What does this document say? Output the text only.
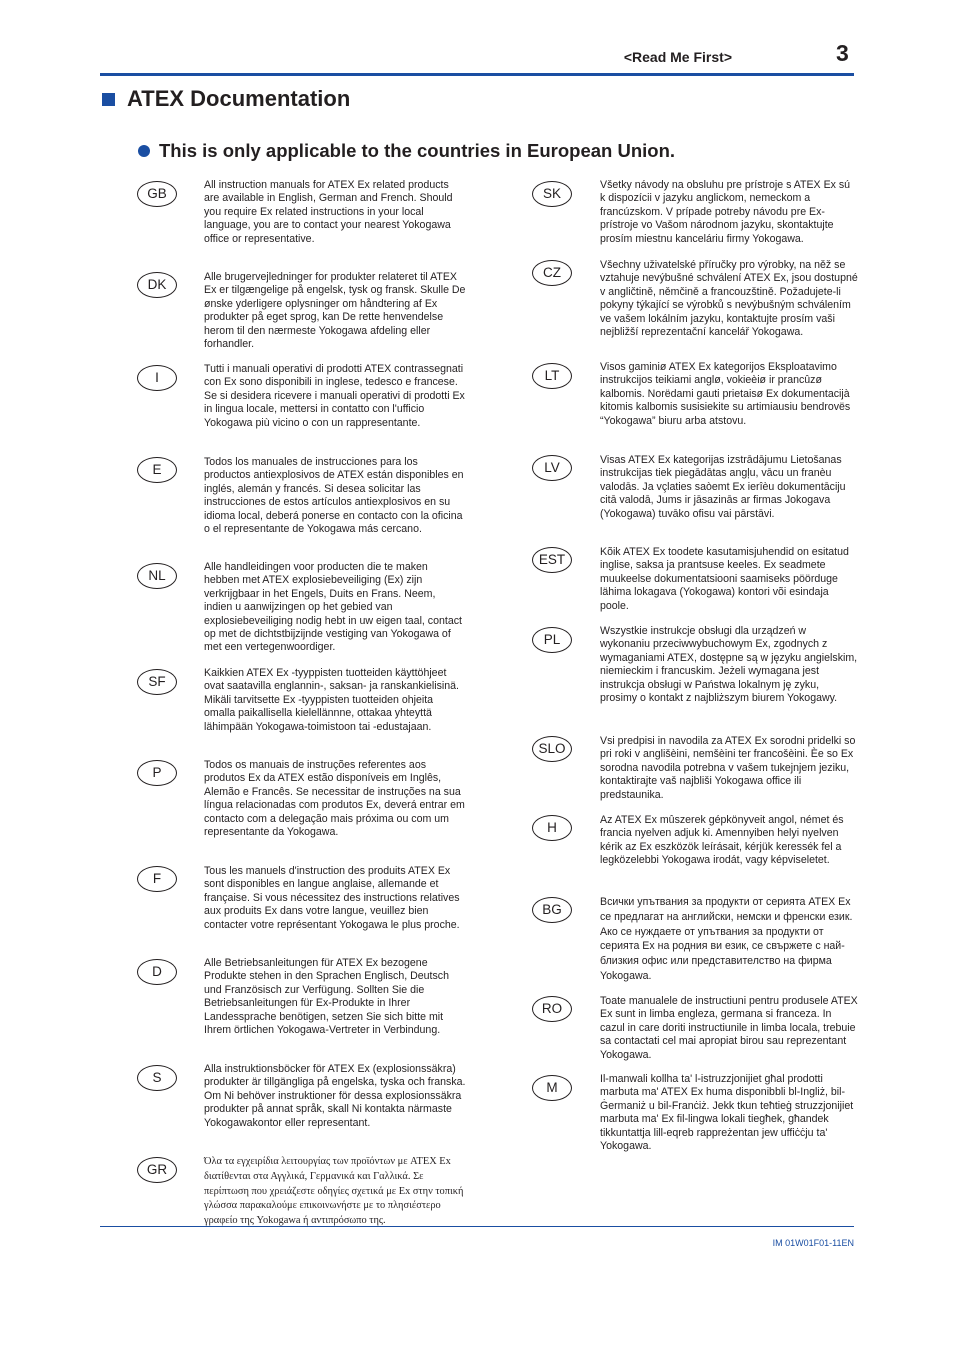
<Read Me First>	3
ATEX Documentation
This is only applicable to the countries in European Union.
GB

All instruction manuals for ATEX Ex related products are available in English, German and French. Should you require Ex related instructions in your local language, you are to contact your nearest Yokogawa office or representative.

DK	Alle brugervejledninger for produkter relateret til ATEX Ex er tilgængelige på engelsk, tysk og fransk. Skulle De ønske yderligere oplysninger om håndtering af Ex produkter på eget sprog, kan De rette henvendelse herom til den nærmeste Yokogawa afdeling eller forhandler.

I

Tutti i manuali operativi di prodotti ATEX contrassegnati con Ex sono disponibili in inglese, tedesco e francese. Se si desidera ricevere i manuali operativi di prodotti Ex in lingua locale, mettersi in contatto con l'ufficio Yokogawa più vicino o con un rappresentante.

E	Todos los manuales de instrucciones para los productos antiexplosivos de ATEX están disponibles en inglés, alemán y francés. Si desea solicitar las instrucciones de estos artículos antiexplosivos en su idioma local, deberá ponerse en contacto con la oficina o el representante de Yokogawa más cercano.

NL

Alle handleidingen voor producten die te maken hebben met ATEX explosiebeveiliging (Ex) zijn verkrijgbaar in het Engels, Duits en Frans. Neem, indien u aanwijzingen op het gebied van explosiebeveiliging nodig hebt in uw eigen taal, contact op met de dichtstbijzijnde vestiging van Yokogawa of met een vertegenwoordiger.

SF

Kaikkien ATEX Ex -tyyppisten tuotteiden käyttöhjeet ovat saatavilla englannin-, saksan- ja ranskankielisinä. Mikäli tarvitsette Ex -tyyppisten tuotteiden ohjeita omalla paikallisella kielellännne, ottakaa yhteyttä lähimpään Yokogawa-toimistoon tai -edustajaan.

P	Todos os manuais de instruções referentes aos produtos Ex da ATEX estão disponíveis em Inglês, Alemão e Francês. Se necessitar de instruções na sua língua relacionadas com produtos Ex, deverá entrar em contacto com a delegação mais próxima ou com um representante da Yokogawa.

F	Tous les manuels d'instruction des produits ATEX Ex sont disponibles en langue anglaise, allemande et française. Si vous nécessitez des instructions relatives aux produits Ex dans votre langue, veuillez bien contacter votre représentant Yokogawa le plus proche.

D

Alle Betriebsanleitungen für ATEX Ex bezogene Produkte stehen in den Sprachen Englisch, Deutsch und Französisch zur Verfügung. Sollten Sie die Betriebsanleitungen für Ex-Produkte in Ihrer Landessprache benötigen, setzen Sie sich bitte mit Ihrem örtlichen Yokogawa-Vertreter in Verbindung.

S

Alla instruktionsböcker för ATEX Ex (explosionssäkra) produkter är tillgängliga på engelska, tyska och franska. Om Ni behöver instruktioner för dessa explosionssäkra produkter på annat språk, skall Ni kontakta närmaste Yokogawakontor eller representant.

GR

Όλα τα εγχειρίδια λειτουργίας των προϊόντων με ATEX Ex διατίθενται στα Αγγλικά, Γερμανικά και Γαλλικά. Σε περίπτωση που χρειάζεστε οδηγίες σχετικά με Ex στην τοπική γλώσσα παρακαλούμε επικοινωνήστε με το πλησιέστερο γραφείο της Yokogawa ή αντιπρόσωπο της.

SK

Všetky návody na obsluhu pre prístroje s ATEX Ex sú k dispozícii v jazyku anglickom, nemeckom a francúzskom. V prípade potreby návodu pre Ex-prístroje vo Vašom národnom jazyku, skontaktujte prosím miestnu kanceláriu firmy Yokogawa.

CZ	Všechny uživatelské příručky pro výrobky, na něž se vztahuje nevýbušné schválení ATEX Ex, jsou dostupné v angličtině, němčině a francouzštině. Požadujete-li pokyny týkající se výrobků s nevýbušným schválením ve vašem lokálním jazyku, kontaktujte prosím vaši nejbližší reprezentační kancelář Yokogawa.

LT

Visos gaminiø ATEX Ex kategorijos Eksploatavimo instrukcijos teikiami anglø, vokieèiø ir prancûzø kalbomis. Norëdami gauti prietaisø Ex dokumentacijà kitomis kalbomis susisiekite su artimiausiu bendrovës “Yokogawa” biuru arba atstovu.

LV	Visas ATEX Ex kategorijas izstrādājumu Lietošanas instrukcijas tiek piegādātas angļu, vācu un franèu valodās. Ja vçlaties saòemt Ex ierîèu dokumentāciju citā valodā, Jums ir jāsazinās ar firmas Jokogava (Yokogawa) tuvāko ofisu vai pārstāvi.

EST	Kõik ATEX Ex toodete kasutamisjuhendid on esitatud inglise, saksa ja prantsuse keeles. Ex seadmete muukeelse dokumentatsiooni saamiseks pöörduge lähima lokagava (Yokogawa) kontori või esindaja poole.

PL

Wszystkie instrukcje obsługi dla urządzeń w wykonaniu przeciwwybuchowym Ex, zgodnych z wymaganiami ATEX, dostępne są w języku angielskim, niemieckim i francuskim. Jeżeli wymagana jest instrukcja obsługi w Państwa lokalnym ję zyku, prosimy o kontakt z najbliższym biurem Yokogawy.

SLO	Vsi predpisi in navodila za ATEX Ex sorodni pridelki so pri roki v anglišèini, nemšèini ter francošèini. Èe so Ex sorodna navodila potrebna v vašem tukejnjem jeziku, kontaktirajte vaš najbliši Yokogawa office ili predstaunika.

H	Az ATEX Ex mûszerek gépkönyveit angol, német és francia nyelven adjuk ki. Amennyiben helyi nyelven kérik az Ex eszközök leírásait, kérjük keressék fel a legközelebbi Yokogawa irodát, vagy képviseletet.

BG	Всички упътвания за продукти от серията ATEX Ex се предлагат на английски, немски и френски език. Ако се нуждаете от упътвания за продукти от серията Ex на родния ви език, се свържете с най-близкия офис или представителство на фирма Yokogawa.

RO	Toate manualele de instructiuni pentru produsele ATEX Ex sunt in limba engleza, germana si franceza. In cazul in care doriti instructiunile in limba locala, trebuie sa contactati cel mai apropiat birou sau reprezentant Yokogawa.

M

Il-manwali kollha ta' l-istruzzjonijiet għal prodotti marbuta ma' ATEX Ex huma disponibbli bl-Ingliż, bil-Ġermaniż u bil-Franċiż. Jekk tkun teħtieġ struzzjonijiet marbuta ma' Ex fil-lingwa lokali tiegħek, għandek tikkuntattja lill-eqreb rappreżentan jew uffiċċju ta' Yokogawa.

IM 01W01F01-11EN
